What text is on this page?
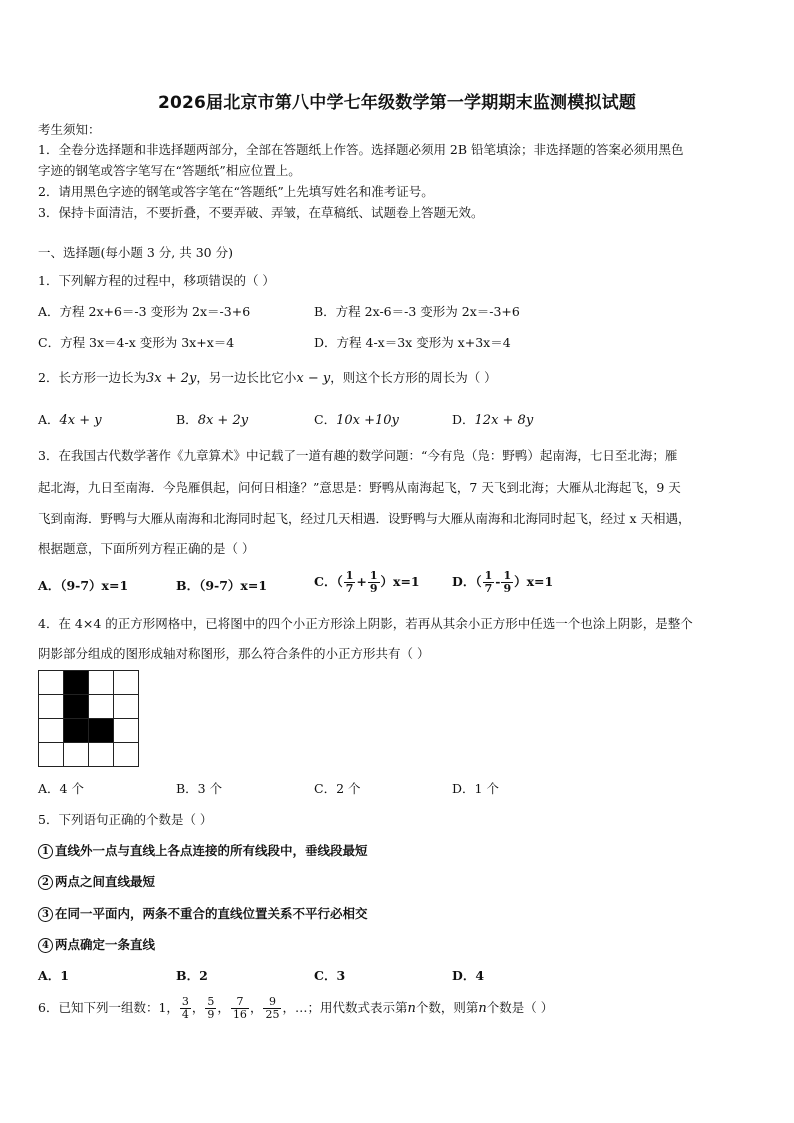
2026届北京市第八中学七年级数学第一学期期末监测模拟试题
考生须知：
1．全卷分选择题和非选择题两部分，全部在答题纸上作答。选择题必须用 2B 铅笔填涂；非选择题的答案必须用黑色
字迹的钢笔或答字笔写在“答题纸”相应位置上。
2．请用黑色字迹的钢笔或答字笔在“答题纸”上先填写姓名和准考证号。
3．保持卡面清洁，不要折叠，不要弄破、弄皱，在草稿纸、试题卷上答题无效。
一、选择题(每小题 3 分, 共 30 分)
1．下列解方程的过程中，移项错误的（ ）
A．方程 2x+6＝-3 变形为 2x＝-3+6	B．方程 2x-6＝-3 变形为 2x＝-3+6
C．方程 3x＝4-x 变形为 3x+x＝4	D．方程 4-x＝3x 变形为 x+3x＝4
2．长方形一边长为3x + 2y，另一边长比它小x − y，则这个长方形的周长为（ ）
A．4x + y	B．8x + 2y	C．10x +10y	D．12x + 8y
3．在我国古代数学著作《九章算术》中记载了一道有趣的数学问题：“今有凫（凫：野鸭）起南海，七日至北海；雁
起北海，九日至南海．今凫雁俱起，问何日相逢？”意思是：野鸭从南海起飞，7 天飞到北海；大雁从北海起飞，9 天
飞到南海．野鸭与大雁从南海和北海同时起飞，经过几天相遇．设野鸭与大雁从南海和北海同时起飞，经过 x 天相遇，
根据题意，下面所列方程正确的是（ ）
A．（9-7）x=1	B．（9-7）x=1	C．（ $\frac{1}{7} + \frac{1}{9} )x=1$	D．（ $\frac{1}{7} - \frac{1}{9} )x=1$
4．在 4×4 的正方形网格中，已将图中的四个小正方形涂上阴影，若再从其余小正方形中任选一个也涂上阴影，是整个
阴影部分组成的图形成轴对称图形，那么符合条件的小正方形共有（ ）

A．4 个	B．3 个	C．2 个	D．1 个
5．下列语句正确的个数是（ ）
1 直线外一点与直线上各点连接的所有线段中，垂线段最短
2 两点之间直线最短
3 在同一平面内，两条不重合的直线位置关系不平行必相交
4 两点确定一条直线
A．1	B．2	C．3	D．4
6．已知下列一组数：1， $\frac{3}{4}$ ， $\frac{5}{9}$ ， $\frac{7}{16}$ ， $\frac{9}{25}$ ，…；用代数式表示第n个数，则第n个数是（ ）
